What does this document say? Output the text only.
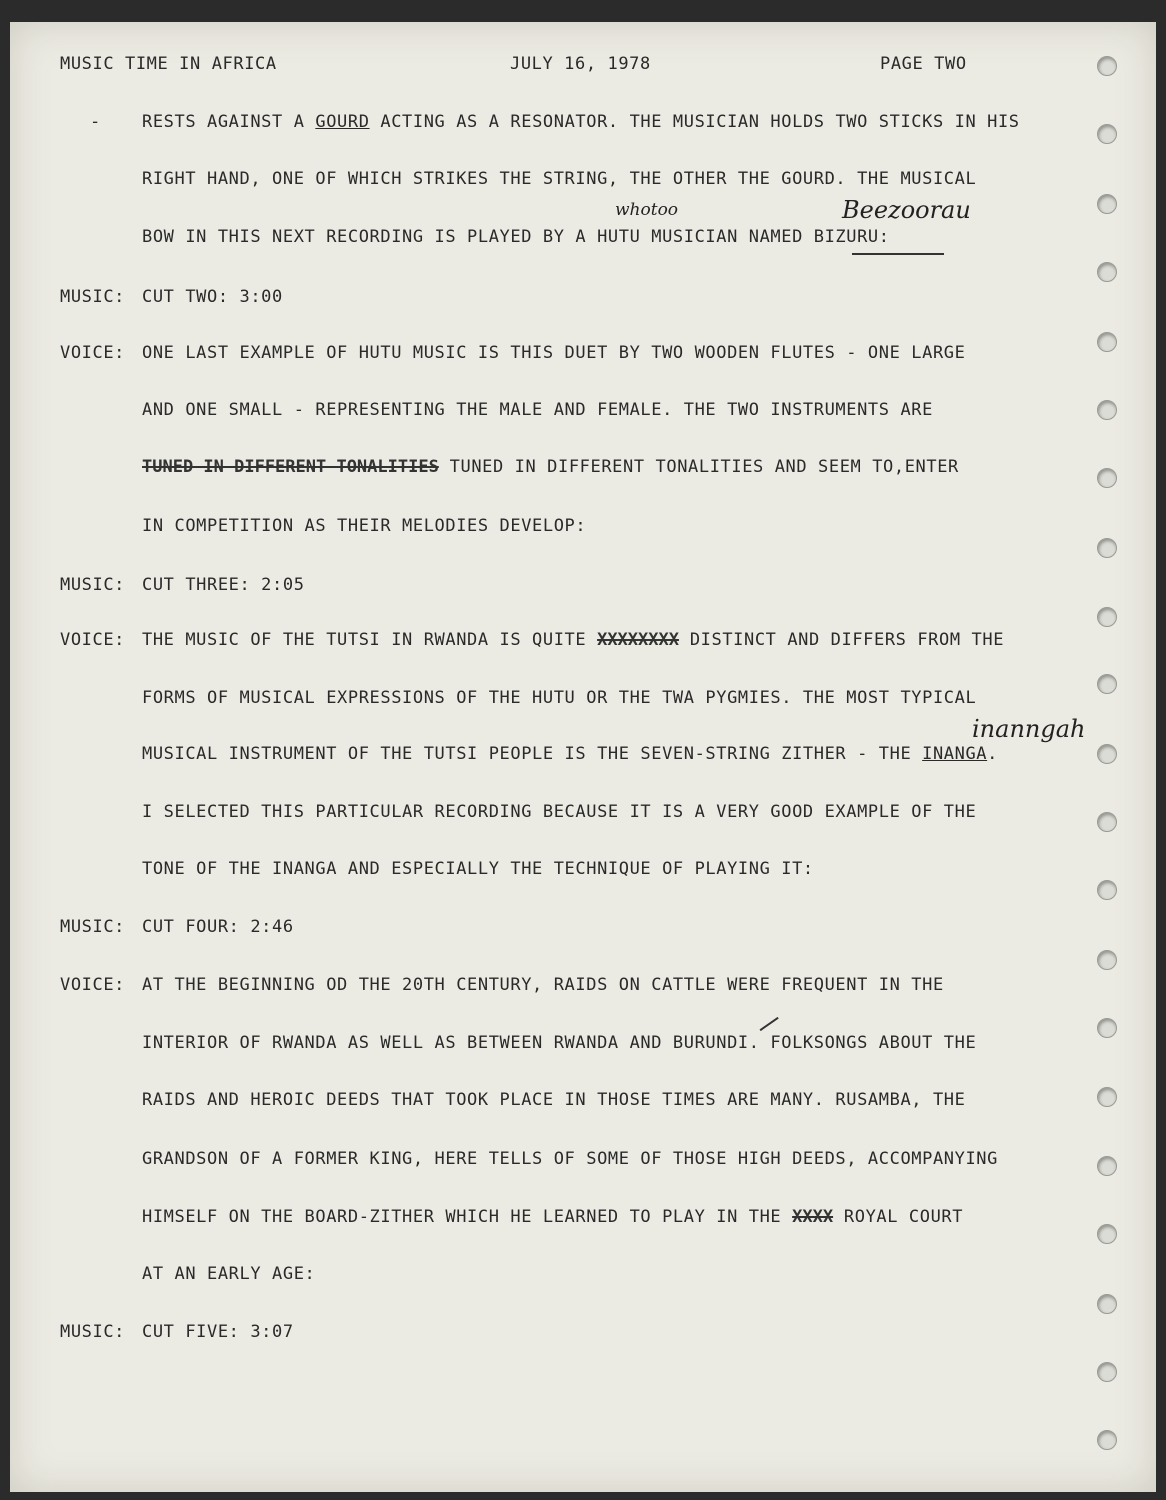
MUSIC TIME IN AFRICA	JULY 16, 1978	PAGE TWO
- RESTS AGAINST A GOURD ACTING AS A RESONATOR. THE MUSICIAN HOLDS TWO STICKS IN HIS
RIGHT HAND, ONE OF WHICH STRIKES THE STRING, THE OTHER THE GOURD. THE MUSICAL
BOW IN THIS NEXT RECORDING IS PLAYED BY A HUTU MUSICIAN NAMED BIZURU:
whotoo	Beezoorau
MUSIC: CUT TWO: 3:00
VOICE: ONE LAST EXAMPLE OF HUTU MUSIC IS THIS DUET BY TWO WOODEN FLUTES - ONE LARGE
AND ONE SMALL - REPRESENTING THE MALE AND FEMALE. THE TWO INSTRUMENTS ARE
TUNED IN DIFFERENT TONALITIES TUNED IN DIFFERENT TONALITIES AND SEEM TO,ENTER
IN COMPETITION AS THEIR MELODIES DEVELOP:
MUSIC: CUT THREE: 2:05
VOICE: THE MUSIC OF THE TUTSI IN RWANDA IS QUITE XXXXXXXX DISTINCT AND DIFFERS FROM THE
FORMS OF MUSICAL EXPRESSIONS OF THE HUTU OR THE TWA PYGMIES. THE MOST TYPICAL
MUSICAL INSTRUMENT OF THE TUTSI PEOPLE IS THE SEVEN-STRING ZITHER - THE INANGA.
inanngah
I SELECTED THIS PARTICULAR RECORDING BECAUSE IT IS A VERY GOOD EXAMPLE OF THE
TONE OF THE INANGA AND ESPECIALLY THE TECHNIQUE OF PLAYING IT:
MUSIC: CUT FOUR: 2:46
VOICE: AT THE BEGINNING OD THE 20TH CENTURY, RAIDS ON CATTLE WERE FREQUENT IN THE
INTERIOR OF RWANDA AS WELL AS BETWEEN RWANDA AND BURUNDI. FOLKSONGS ABOUT THE
RAIDS AND HEROIC DEEDS THAT TOOK PLACE IN THOSE TIMES ARE MANY. RUSAMBA, THE
GRANDSON OF A FORMER KING, HERE TELLS OF SOME OF THOSE HIGH DEEDS, ACCOMPANYING
HIMSELF ON THE BOARD-ZITHER WHICH HE LEARNED TO PLAY IN THE XXXX ROYAL COURT
AT AN EARLY AGE:
MUSIC: CUT FIVE: 3:07
